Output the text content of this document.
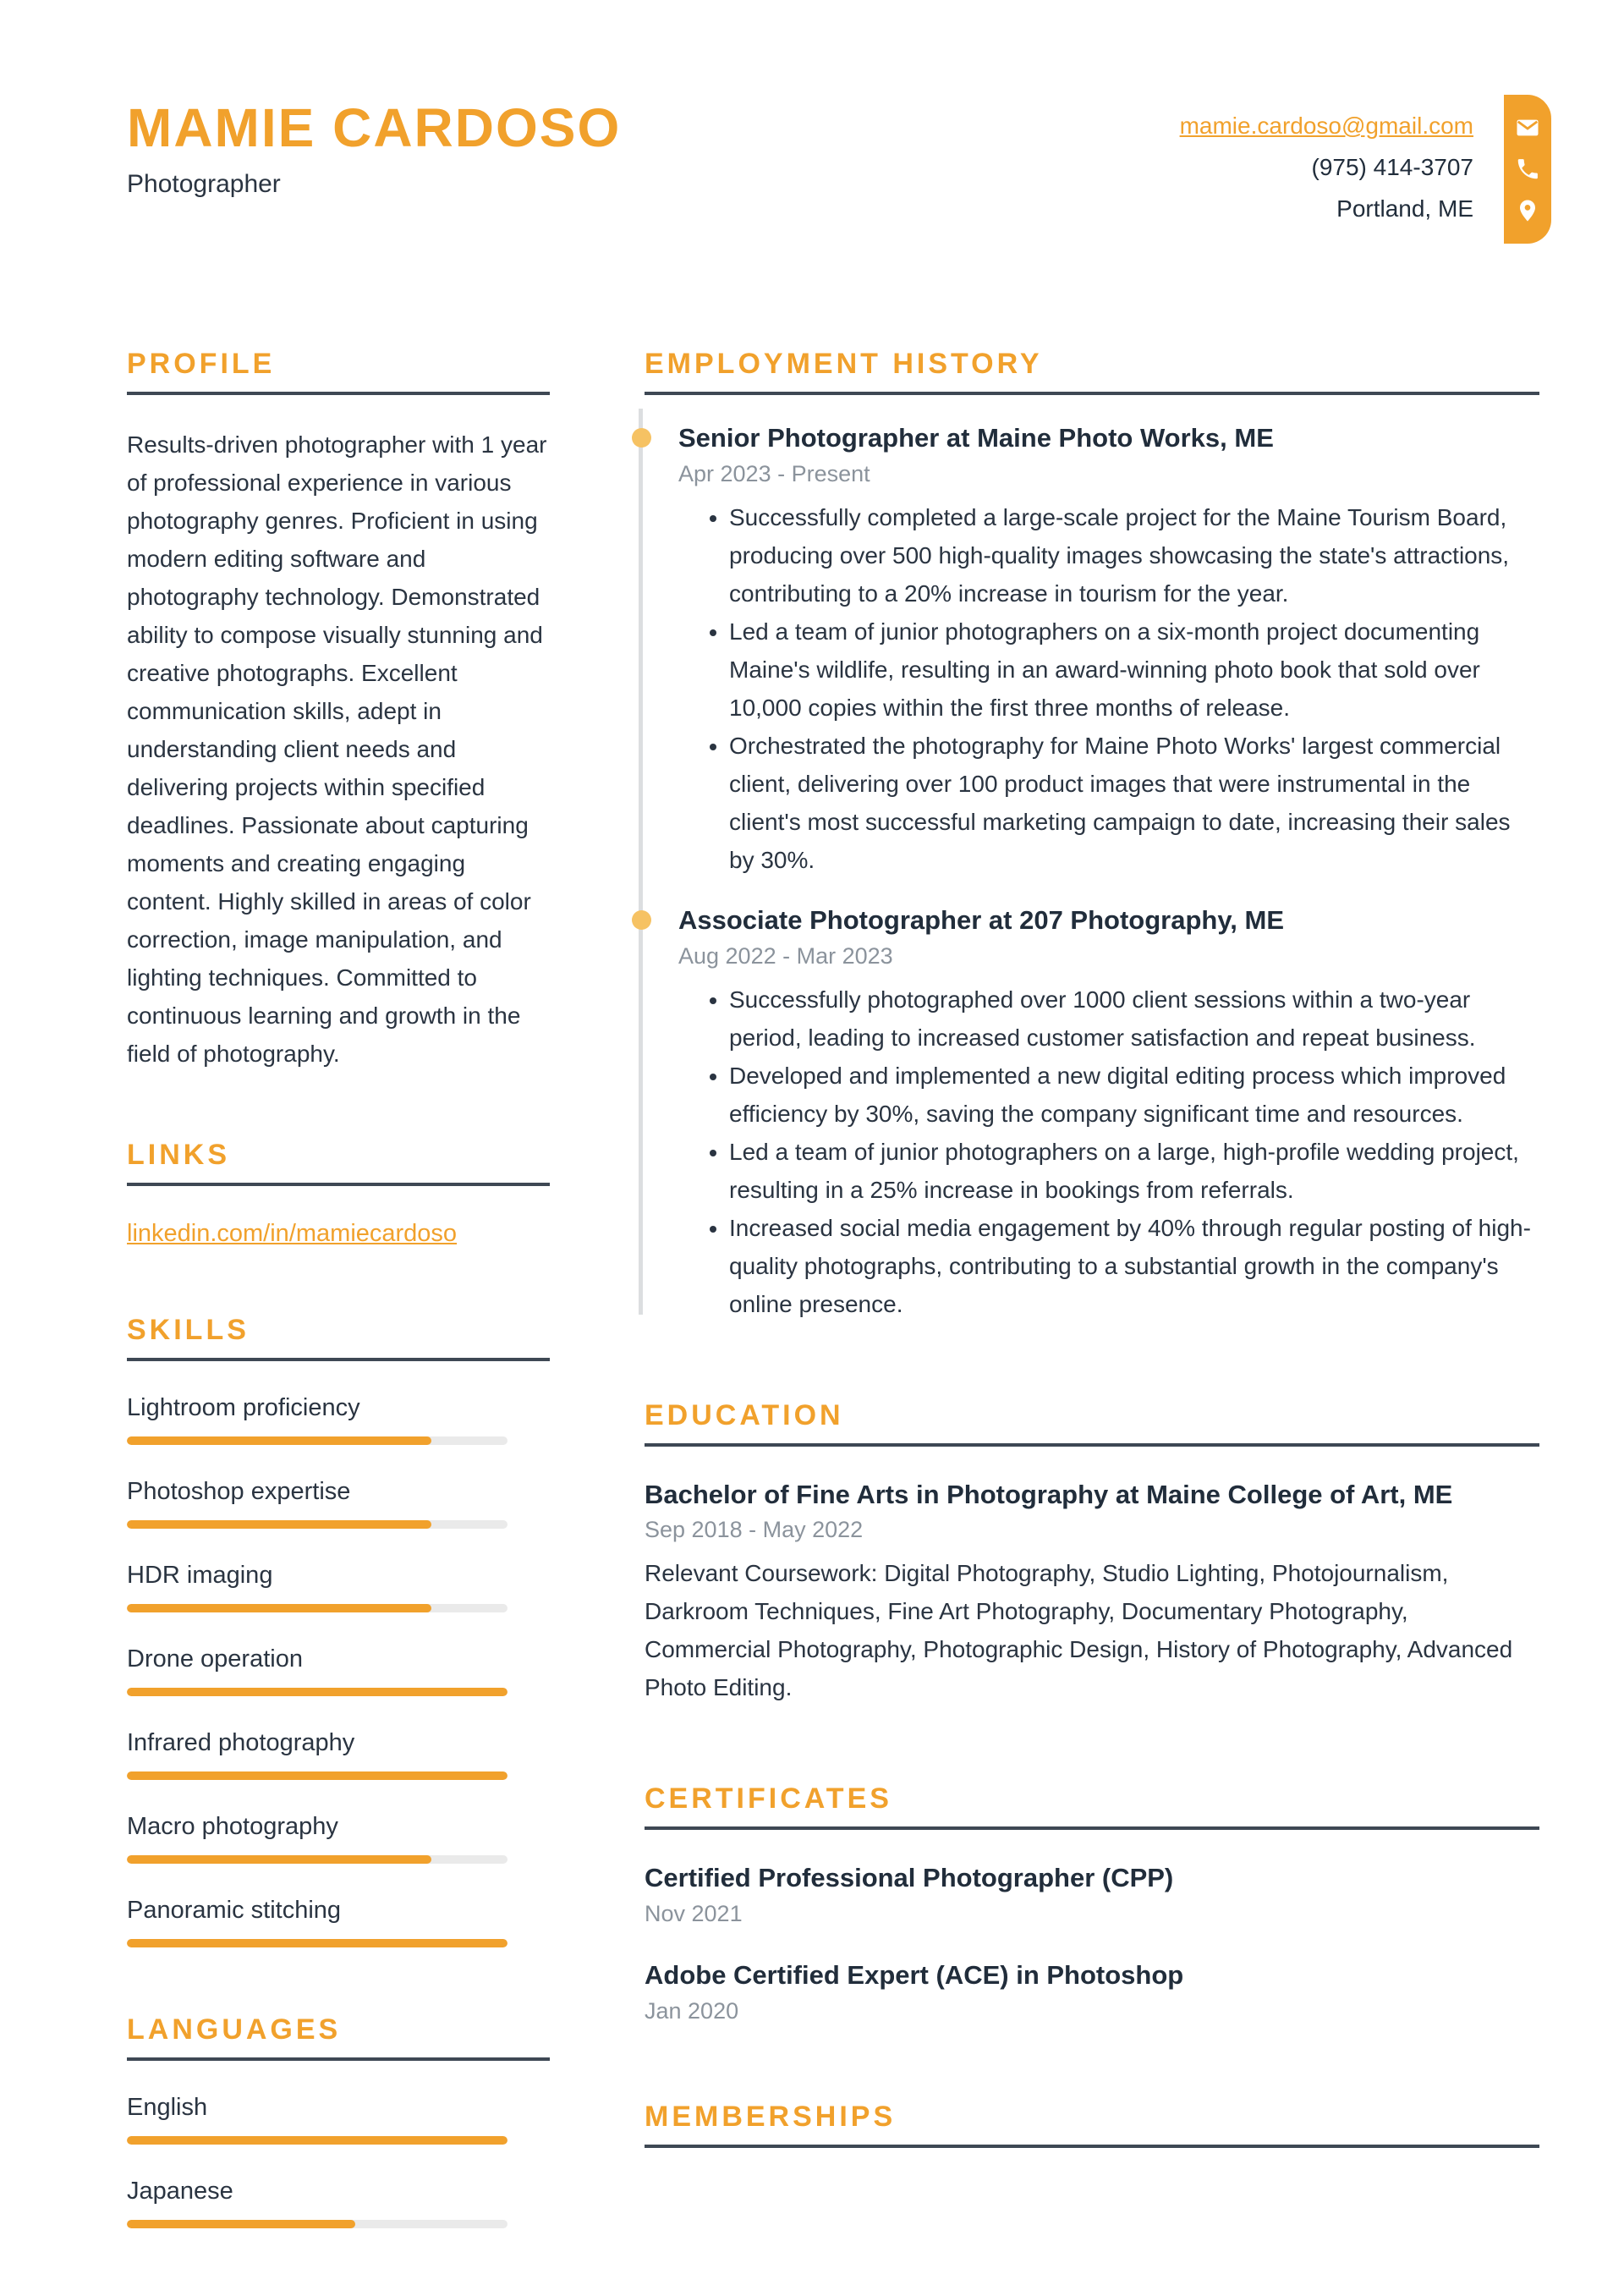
MAMIE CARDOSO
Photographer
mamie.cardoso@gmail.com
(975) 414-3707
Portland, ME
PROFILE

Results-driven photographer with 1 year of professional experience in various photography genres. Proficient in using modern editing software and photography technology. Demonstrated ability to compose visually stunning and creative photographs. Excellent communication skills, adept in understanding client needs and delivering projects within specified deadlines. Passionate about capturing moments and creating engaging content. Highly skilled in areas of color correction, image manipulation, and lighting techniques. Committed to continuous learning and growth in the field of photography.

LINKS
linkedin.com/in/mamiecardoso
SKILLS
Lightroom proficiency
Photoshop expertise
HDR imaging
Drone operation
Infrared photography
Macro photography
Panoramic stitching
LANGUAGES
English
Japanese
EMPLOYMENT HISTORY
Senior Photographer at Maine Photo Works, ME
Apr 2023 - Present
• Successfully completed a large-scale project for the Maine Tourism Board, producing over 500 high-quality images showcasing the state's attractions, contributing to a 20% increase in tourism for the year.
• Led a team of junior photographers on a six-month project documenting Maine's wildlife, resulting in an award-winning photo book that sold over 10,000 copies within the first three months of release.
• Orchestrated the photography for Maine Photo Works' largest commercial client, delivering over 100 product images that were instrumental in the client's most successful marketing campaign to date, increasing their sales by 30%.
Associate Photographer at 207 Photography, ME
Aug 2022 - Mar 2023
• Successfully photographed over 1000 client sessions within a two-year period, leading to increased customer satisfaction and repeat business.
• Developed and implemented a new digital editing process which improved efficiency by 30%, saving the company significant time and resources.
• Led a team of junior photographers on a large, high-profile wedding project, resulting in a 25% increase in bookings from referrals.
• Increased social media engagement by 40% through regular posting of high-quality photographs, contributing to a substantial growth in the company's online presence.
EDUCATION
Bachelor of Fine Arts in Photography at Maine College of Art, ME
Sep 2018 - May 2022

Relevant Coursework: Digital Photography, Studio Lighting, Photojournalism, Darkroom Techniques, Fine Art Photography, Documentary Photography, Commercial Photography, Photographic Design, History of Photography, Advanced Photo Editing.

CERTIFICATES
Certified Professional Photographer (CPP)
Nov 2021
Adobe Certified Expert (ACE) in Photoshop
Jan 2020
MEMBERSHIPS
